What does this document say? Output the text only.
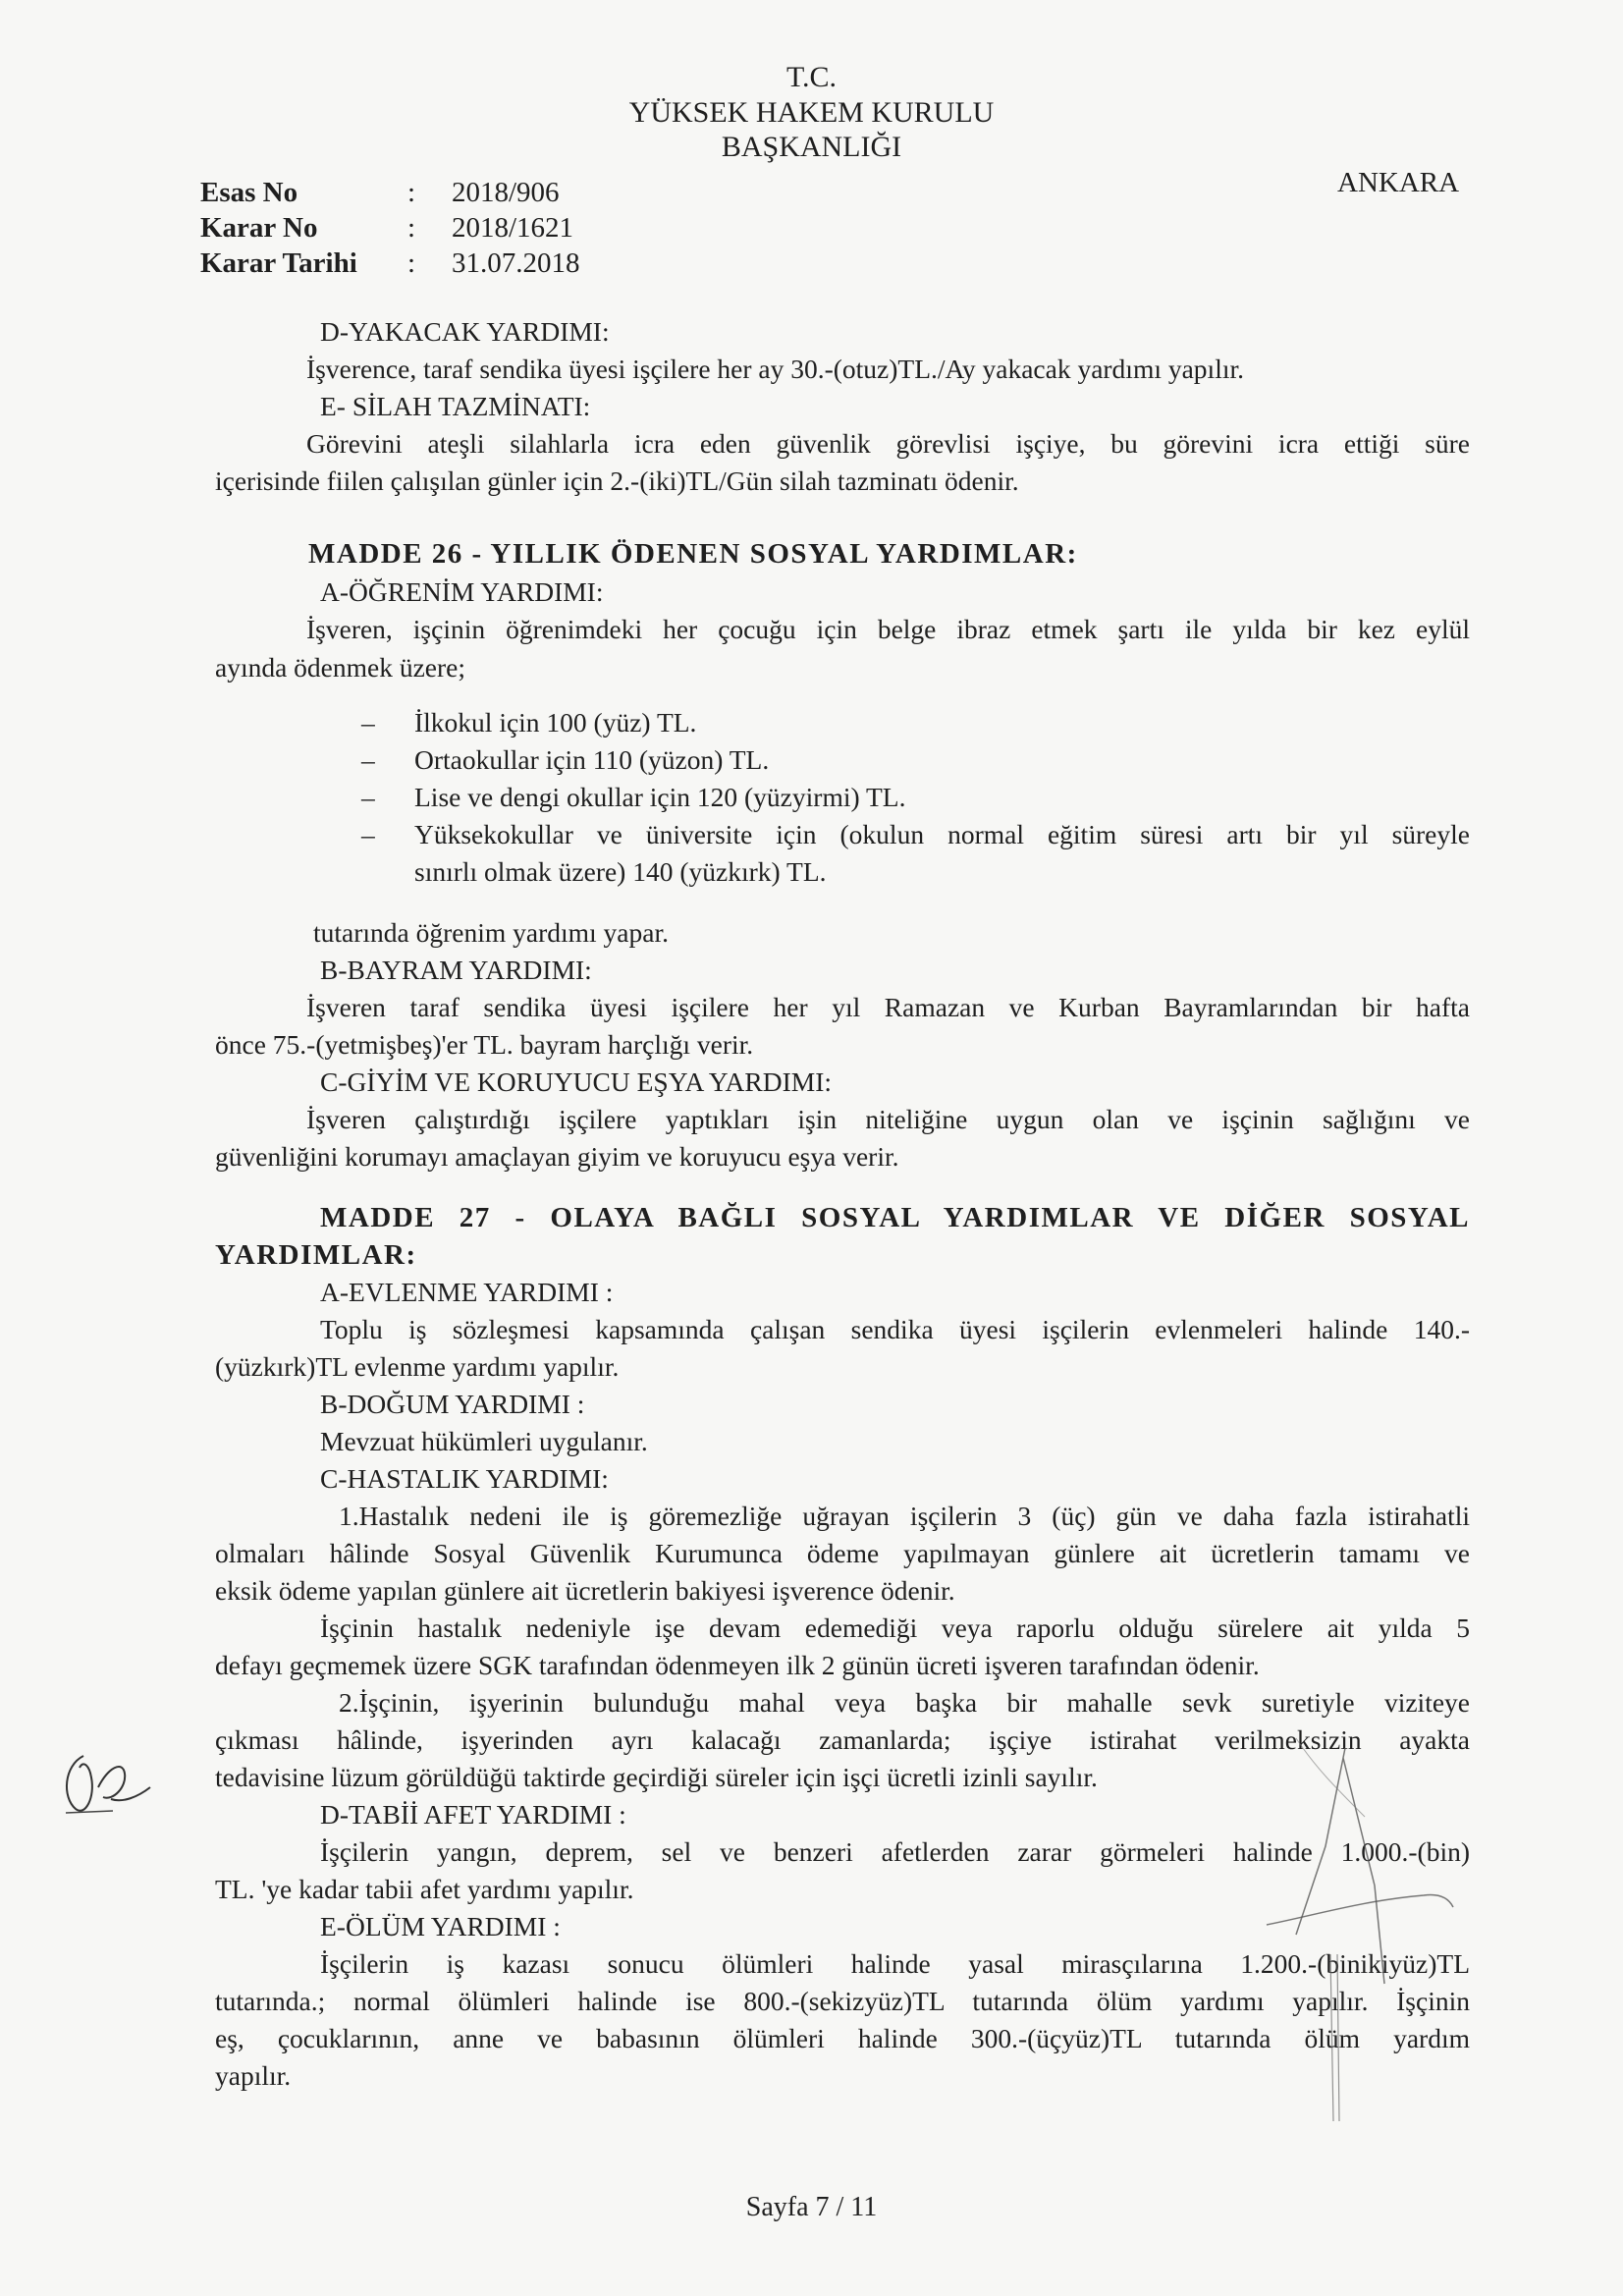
T.C.
YÜKSEK HAKEM KURULU
BAŞKANLIĞI
ANKARA
Esas No	: 2018/906
Karar No	: 2018/1621
Karar Tarihi : 31.07.2018
D-YAKACAK YARDIMI:
İşverence, taraf sendika üyesi işçilere her ay 30.-(otuz)TL./Ay yakacak yardımı yapılır.
E- SİLAH TAZMİNATI:
Görevini ateşli silahlarla icra eden güvenlik görevlisi işçiye, bu görevini icra ettiği süre
içerisinde fiilen çalışılan günler için 2.-(iki)TL/Gün silah tazminatı ödenir.
MADDE 26 - YILLIK ÖDENEN SOSYAL YARDIMLAR:
A-ÖĞRENİM YARDIMI:
İşveren, işçinin öğrenimdeki her çocuğu için belge ibraz etmek şartı ile yılda bir kez eylül
ayında ödenmek üzere;
– İlkokul için 100 (yüz) TL.
– Ortaokullar için 110 (yüzon) TL.
– Lise ve dengi okullar için 120 (yüzyirmi) TL.
– Yüksekokullar ve üniversite için (okulun normal eğitim süresi artı bir yıl süreyle
sınırlı olmak üzere) 140 (yüzkırk) TL.
tutarında öğrenim yardımı yapar.
B-BAYRAM YARDIMI:
İşveren taraf sendika üyesi işçilere her yıl Ramazan ve Kurban Bayramlarından bir hafta
önce 75.-(yetmişbeş)'er TL. bayram harçlığı verir.
C-GİYİM VE KORUYUCU EŞYA YARDIMI:
İşveren çalıştırdığı işçilere yaptıkları işin niteliğine uygun olan ve işçinin sağlığını ve
güvenliğini korumayı amaçlayan giyim ve koruyucu eşya verir.
MADDE 27 - OLAYA BAĞLI SOSYAL YARDIMLAR VE DİĞER SOSYAL
YARDIMLAR:
A-EVLENME YARDIMI :
Toplu iş sözleşmesi kapsamında çalışan sendika üyesi işçilerin evlenmeleri halinde 140.-
(yüzkırk)TL evlenme yardımı yapılır.
B-DOĞUM YARDIMI :
Mevzuat hükümleri uygulanır.
C-HASTALIK YARDIMI:
1.Hastalık nedeni ile iş göremezliğe uğrayan işçilerin 3 (üç) gün ve daha fazla istirahatli
olmaları hâlinde Sosyal Güvenlik Kurumunca ödeme yapılmayan günlere ait ücretlerin tamamı ve
eksik ödeme yapılan günlere ait ücretlerin bakiyesi işverence ödenir.
İşçinin hastalık nedeniyle işe devam edemediği veya raporlu olduğu sürelere ait yılda 5
defayı geçmemek üzere SGK tarafından ödenmeyen ilk 2 günün ücreti işveren tarafından ödenir.
2.İşçinin, işyerinin bulunduğu mahal veya başka bir mahalle sevk suretiyle viziteye
çıkması hâlinde, işyerinden ayrı kalacağı zamanlarda; işçiye istirahat verilmeksizin ayakta
tedavisine lüzum görüldüğü taktirde geçirdiği süreler için işçi ücretli izinli sayılır.
D-TABİİ AFET YARDIMI :
İşçilerin yangın, deprem, sel ve benzeri afetlerden zarar görmeleri halinde 1.000.-(bin)
TL. 'ye kadar tabii afet yardımı yapılır.
E-ÖLÜM YARDIMI :
İşçilerin iş kazası sonucu ölümleri halinde yasal mirasçılarına 1.200.-(binikiyüz)TL
tutarında.; normal ölümleri halinde ise 800.-(sekizyüz)TL tutarında ölüm yardımı yapılır. İşçinin
eş, çocuklarının, anne ve babasının ölümleri halinde 300.-(üçyüz)TL tutarında ölüm yardım
yapılır.
Sayfa 7 / 11
